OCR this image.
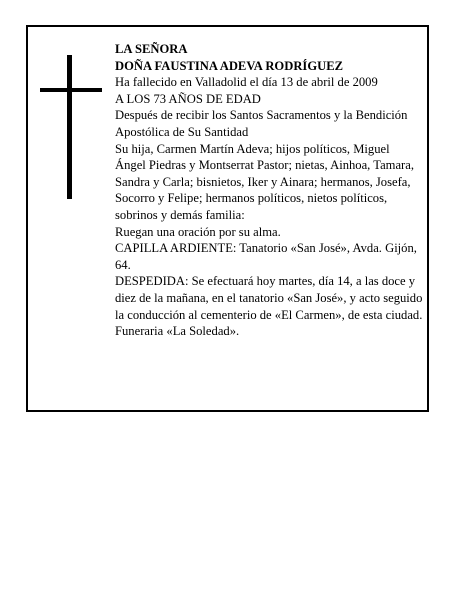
LA SEÑORA

DOÑA FAUSTINA ADEVA RODRÍGUEZ

Ha fallecido en Valladolid el día 13 de abril de 2009

A LOS 73 AÑOS DE EDAD

Después de recibir los Santos Sacramentos y la Bendición Apostólica de Su Santidad

Su hija, Carmen Martín Adeva; hijos políticos, Miguel Ángel Piedras y Montserrat Pastor; nietas, Ainhoa, Tamara, Sandra y Carla; bisnietos, Iker y Ainara; hermanos, Josefa, Socorro y Felipe; hermanos políticos, nietos políticos, sobrinos y demás familia:

Ruegan una oración por su alma.

CAPILLA ARDIENTE: Tanatorio «San José», Avda. Gijón, 64.

DESPEDIDA: Se efectuará hoy martes, día 14, a las doce y diez de la mañana, en el tanatorio «San José», y acto seguido la conducción al cementerio de «El Carmen», de esta ciudad.

Funeraria «La Soledad».
